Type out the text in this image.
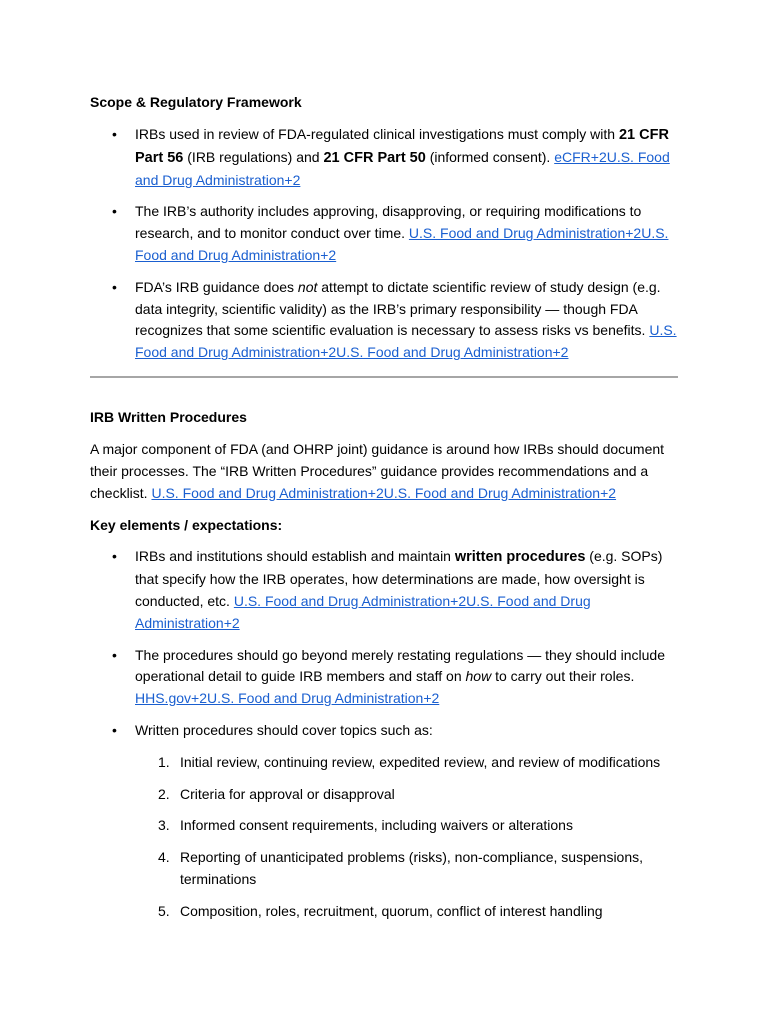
Scope & Regulatory Framework
• IRBs used in review of FDA-regulated clinical investigations must comply with 21 CFR Part 56 (IRB regulations) and 21 CFR Part 50 (informed consent). eCFR+2U.S. Food and Drug Administration+2
• The IRB’s authority includes approving, disapproving, or requiring modifications to research, and to monitor conduct over time. U.S. Food and Drug Administration+2U.S. Food and Drug Administration+2
• FDA’s IRB guidance does not attempt to dictate scientific review of study design (e.g. data integrity, scientific validity) as the IRB’s primary responsibility — though FDA recognizes that some scientific evaluation is necessary to assess risks vs benefits. U.S. Food and Drug Administration+2U.S. Food and Drug Administration+2
IRB Written Procedures

A major component of FDA (and OHRP joint) guidance is around how IRBs should document their processes. The “IRB Written Procedures” guidance provides recommendations and a checklist. U.S. Food and Drug Administration+2U.S. Food and Drug Administration+2

Key elements / expectations:
• IRBs and institutions should establish and maintain written procedures (e.g. SOPs) that specify how the IRB operates, how determinations are made, how oversight is conducted, etc. U.S. Food and Drug Administration+2U.S. Food and Drug Administration+2
• The procedures should go beyond merely restating regulations — they should include operational detail to guide IRB members and staff on how to carry out their roles. HHS.gov+2U.S. Food and Drug Administration+2
• Written procedures should cover topics such as:
1. Initial review, continuing review, expedited review, and review of modifications
2. Criteria for approval or disapproval
3. Informed consent requirements, including waivers or alterations
4. Reporting of unanticipated problems (risks), non-compliance, suspensions, terminations
5. Composition, roles, recruitment, quorum, conflict of interest handling
